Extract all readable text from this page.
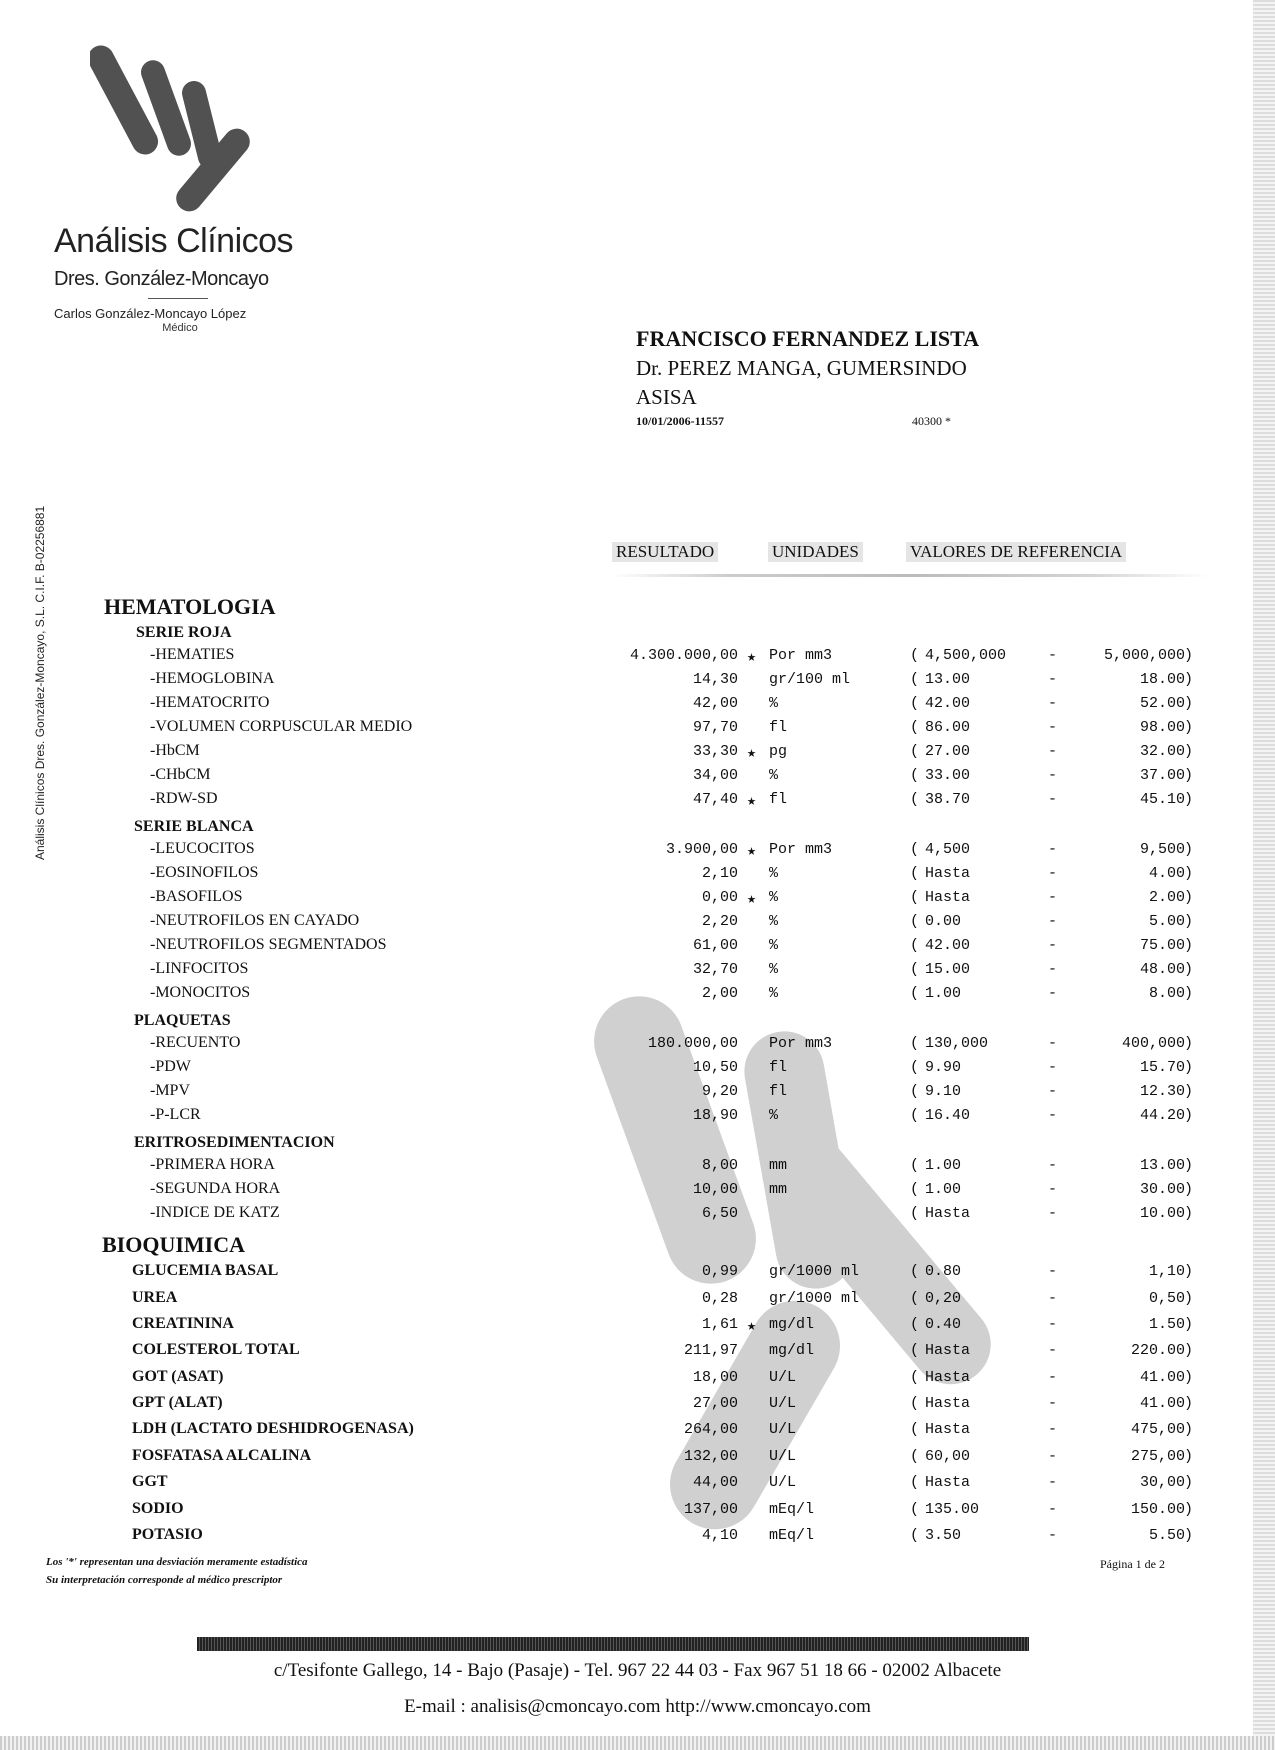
Análisis Clínicos
Dres. González-Moncayo
Carlos González-Moncayo López
Médico
Análisis Clínicos Dres. González-Moncayo, S.L. C.I.F. B-02256881
FRANCISCO FERNANDEZ LISTA
Dr. PEREZ MANGA, GUMERSINDO
ASISA
10/01/2006-11557	40300 *
RESULTADO	UNIDADES	VALORES DE REFERENCIA
HEMATOLOGIA
SERIE ROJA
SERIE BLANCA
PLAQUETAS
ERITROSEDIMENTACION
BIOQUIMICA
-HEMATIES	4.300.000,00 ★ Por mm3	( 4,500,000	-	5,000,000 )
-HEMOGLOBINA	14,30 gr/100 ml	( 13.00	-	18.00 )
-HEMATOCRITO	42,00 %	( 42.00	-	52.00 )
-VOLUMEN CORPUSCULAR MEDIO	97,70 fl	( 86.00	-	98.00 )
-HbCM	33,30 ★ pg	( 27.00	-	32.00 )
-CHbCM	34,00 %	( 33.00	-	37.00 )
-RDW-SD	47,40 ★ fl	( 38.70	-	45.10 )
-LEUCOCITOS	3.900,00 ★ Por mm3	( 4,500	-	9,500 )
-EOSINOFILOS	2,10 %	( Hasta	-	4.00 )
-BASOFILOS	0,00 ★ %	( Hasta	-	2.00 )
-NEUTROFILOS EN CAYADO	2,20 %	( 0.00	-	5.00 )
-NEUTROFILOS SEGMENTADOS	61,00 %	( 42.00	-	75.00 )
-LINFOCITOS	32,70 %	( 15.00	-	48.00 )
-MONOCITOS	2,00 %	( 1.00	-	8.00 )
-RECUENTO	180.000,00 Por mm3	( 130,000	-	400,000 )
-PDW	10,50 fl	( 9.90	-	15.70 )
-MPV	9,20 fl	( 9.10	-	12.30 )
-P-LCR	18,90 %	( 16.40	-	44.20 )
-PRIMERA HORA	8,00 mm	( 1.00	-	13.00 )
-SEGUNDA HORA	10,00 mm	( 1.00	-	30.00 )
-INDICE DE KATZ	6,50	( Hasta	-	10.00 )
GLUCEMIA BASAL	0,99 gr/1000 ml	( 0.80	-	1,10 )
UREA	0,28 gr/1000 ml	( 0,20	-	0,50 )
CREATININA	1,61 ★ mg/dl	( 0.40	-	1.50 )
COLESTEROL TOTAL	211,97 mg/dl	( Hasta	-	220.00 )
GOT (ASAT)	18,00 U/L	( Hasta	-	41.00 )
GPT (ALAT)	27,00 U/L	( Hasta	-	41.00 )
LDH (LACTATO DESHIDROGENASA)	264,00 U/L	( Hasta	-	475,00 )
FOSFATASA ALCALINA	132,00 U/L	( 60,00	-	275,00 )
GGT	44,00 U/L	( Hasta	-	30,00 )
SODIO	137,00 mEq/l	( 135.00	-	150.00 )
POTASIO	4,10 mEq/l	( 3.50	-	5.50 )
Los '*' representan una desviación meramente estadística
Su interpretación corresponde al médico prescriptor
Página 1 de 2
c/Tesifonte Gallego, 14 - Bajo (Pasaje) - Tel. 967 22 44 03 - Fax 967 51 18 66 - 02002 Albacete
E-mail : analisis@cmoncayo.com http://www.cmoncayo.com
